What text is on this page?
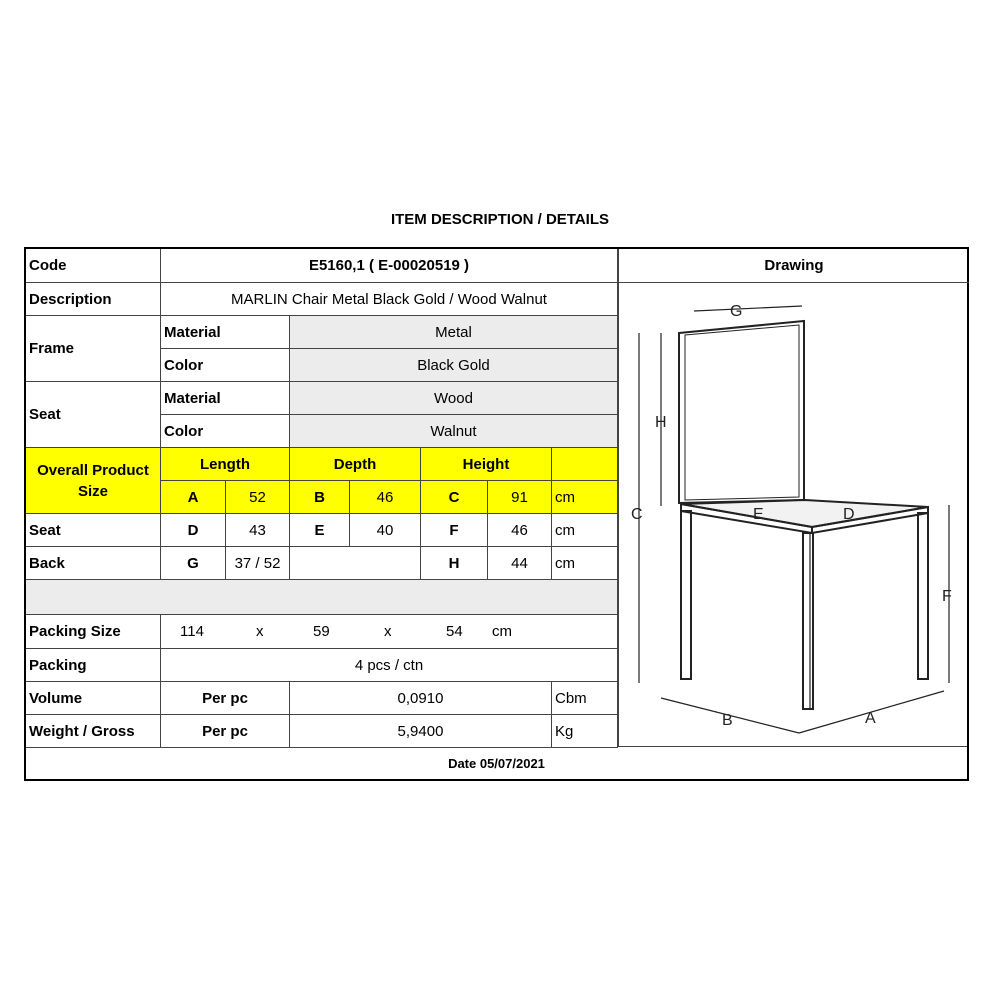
ITEM DESCRIPTION / DETAILS
Code	E5160,1 ( E-00020519 )	Drawing
Description	MARLIN Chair Metal Black Gold / Wood Walnut
Frame
Material	Metal
Color	Black Gold
Seat
Material	Wood
Color	Walnut
Overall Product
Size
Length	Depth	Height
A	52	B	46	C	91	cm
Seat	D	43	E	40	F	46	cm
Back	G	37 / 52	H	44	cm
Packing Size	114	x	59	x	54 cm
Packing	4 pcs / ctn
Volume	Per pc	0,0910	Cbm
Weight / Gross	Per pc	5,9400	Kg
G
H
C	E	D
F
B	A
Date 05/07/2021
